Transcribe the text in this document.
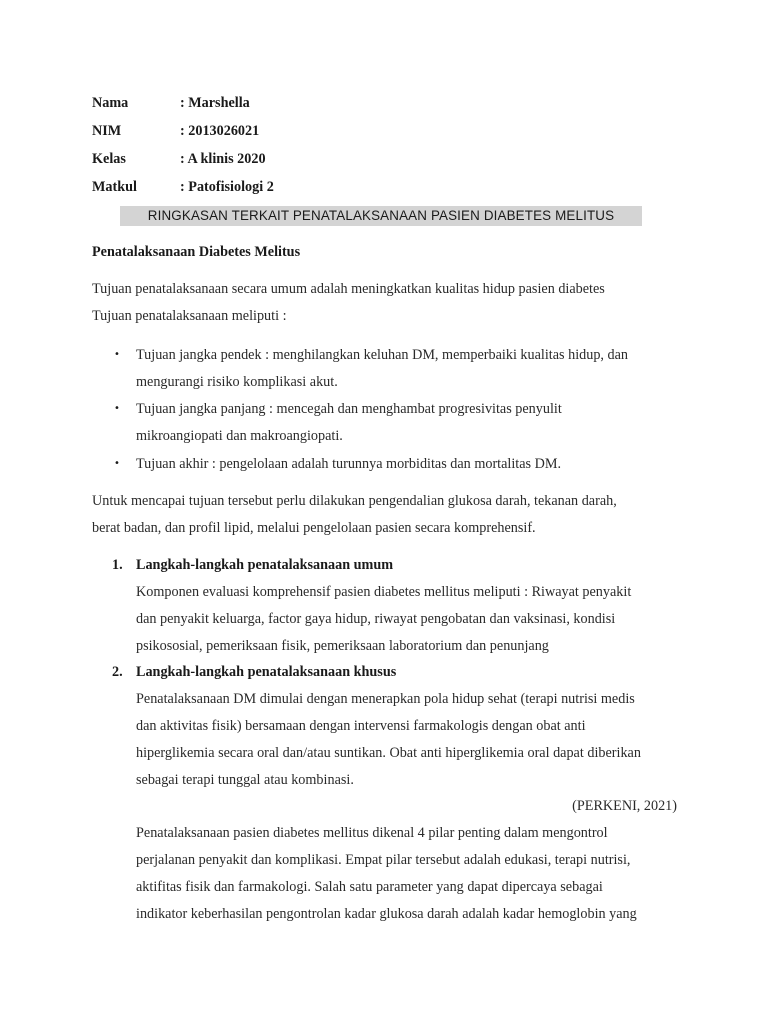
Nama	: Marshella
NIM	: 2013026021
Kelas	: A klinis 2020
Matkul	: Patofisiologi 2
RINGKASAN TERKAIT PENATALAKSANAAN PASIEN DIABETES MELITUS
Penatalaksanaan Diabetes Melitus
Tujuan penatalaksanaan secara umum adalah meningkatkan kualitas hidup pasien diabetes
Tujuan penatalaksanaan meliputi :
• Tujuan jangka pendek : menghilangkan keluhan DM, memperbaiki kualitas hidup, dan
mengurangi risiko komplikasi akut.
• Tujuan jangka panjang : mencegah dan menghambat progresivitas penyulit
mikroangiopati dan makroangiopati.
• Tujuan akhir : pengelolaan adalah turunnya morbiditas dan mortalitas DM.
Untuk mencapai tujuan tersebut perlu dilakukan pengendalian glukosa darah, tekanan darah,
berat badan, dan profil lipid, melalui pengelolaan pasien secara komprehensif.
1. Langkah-langkah penatalaksanaan umum
Komponen evaluasi komprehensif pasien diabetes mellitus meliputi : Riwayat penyakit
dan penyakit keluarga, factor gaya hidup, riwayat pengobatan dan vaksinasi, kondisi
psikososial, pemeriksaan fisik, pemeriksaan laboratorium dan penunjang
2. Langkah-langkah penatalaksanaan khusus
Penatalaksanaan DM dimulai dengan menerapkan pola hidup sehat (terapi nutrisi medis
dan aktivitas fisik) bersamaan dengan intervensi farmakologis dengan obat anti
hiperglikemia secara oral dan/atau suntikan. Obat anti hiperglikemia oral dapat diberikan
sebagai terapi tunggal atau kombinasi.
(PERKENI, 2021)
Penatalaksanaan pasien diabetes mellitus dikenal 4 pilar penting dalam mengontrol
perjalanan penyakit dan komplikasi. Empat pilar tersebut adalah edukasi, terapi nutrisi,
aktifitas fisik dan farmakologi. Salah satu parameter yang dapat dipercaya sebagai
indikator keberhasilan pengontrolan kadar glukosa darah adalah kadar hemoglobin yang
